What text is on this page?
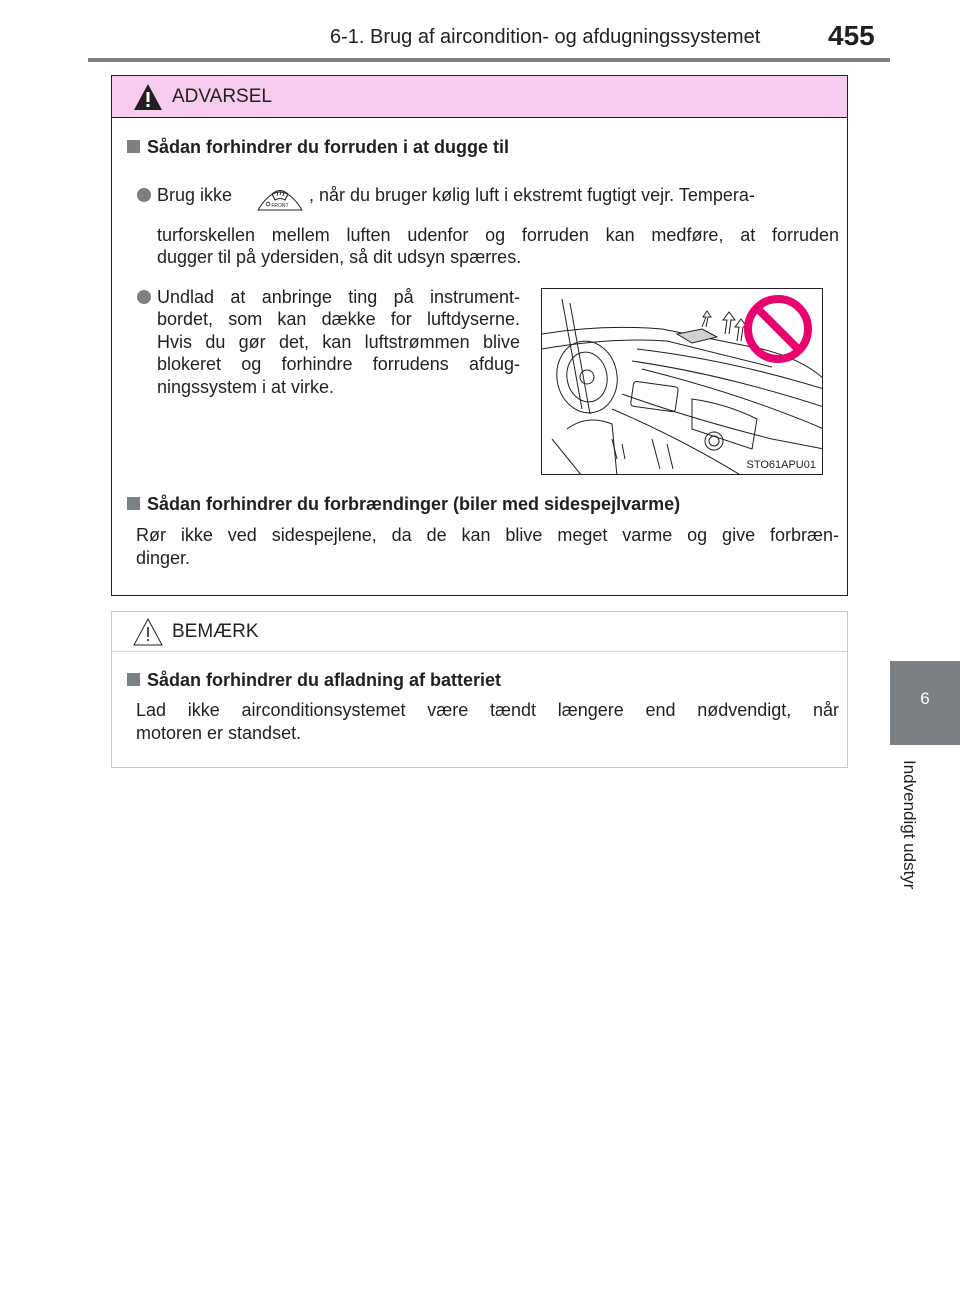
6-1. Brug af aircondition- og afdugningssystemet 455
6
Indvendigt udstyr
ADVARSEL
Sådan forhindrer du forruden i at dugge til
Brug ikke
FRONT
, når du bruger kølig luft i ekstremt fugtigt vejr. Tempera-
turforskellen mellem luften udenfor og forruden kan medføre, at forruden
dugger til på ydersiden, så dit udsyn spærres.
Undlad at anbringe ting på instrument-
bordet, som kan dække for luftdyserne.
Hvis du gør det, kan luftstrømmen blive
blokeret og forhindre forrudens afdug-
ningssystem i at virke.
STO61APU01
Sådan forhindrer du forbrændinger (biler med sidespejlvarme)
Rør ikke ved sidespejlene, da de kan blive meget varme og give forbræn-
dinger.
BEMÆRK
Sådan forhindrer du afladning af batteriet
Lad ikke airconditionsystemet være tændt længere end nødvendigt, når
motoren er standset.
